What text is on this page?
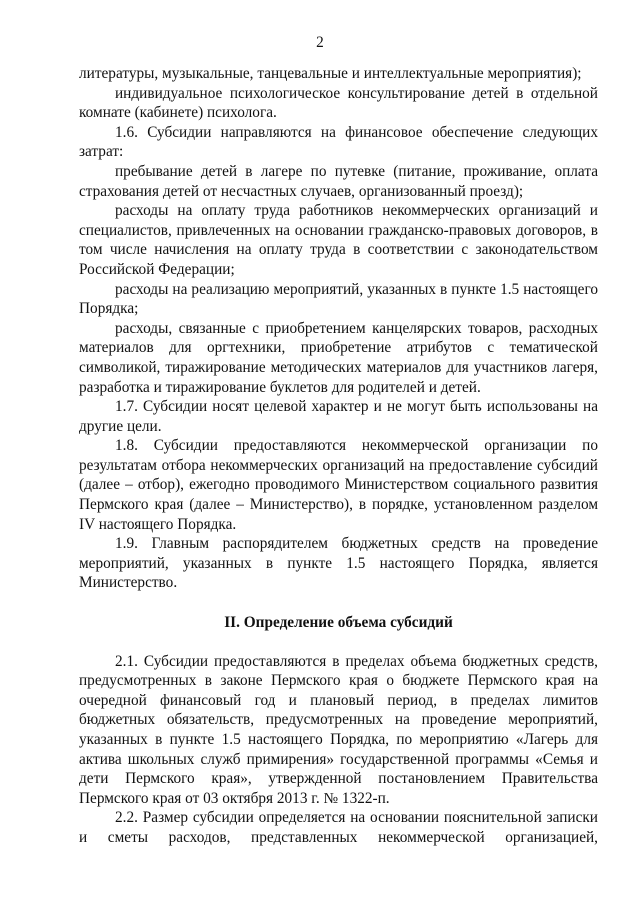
2

литературы, музыкальные, танцевальные и интеллектуальные мероприятия);

индивидуальное психологическое консультирование детей в отдельной комнате (кабинете) психолога.

1.6. Субсидии направляются на финансовое обеспечение следующих затрат:

пребывание детей в лагере по путевке (питание, проживание, оплата страхования детей от несчастных случаев, организованный проезд);

расходы на оплату труда работников некоммерческих организаций и специалистов, привлеченных на основании гражданско-правовых договоров, в том числе начисления на оплату труда в соответствии с законодательством Российской Федерации;

расходы на реализацию мероприятий, указанных в пункте 1.5 настоящего Порядка;

расходы, связанные с приобретением канцелярских товаров, расходных материалов для оргтехники, приобретение атрибутов с тематической символикой, тиражирование методических материалов для участников лагеря, разработка и тиражирование буклетов для родителей и детей.

1.7. Субсидии носят целевой характер и не могут быть использованы на другие цели.

1.8. Субсидии предоставляются некоммерческой организации по результатам отбора некоммерческих организаций на предоставление субсидий (далее – отбор), ежегодно проводимого Министерством социального развития Пермского края (далее – Министерство), в порядке, установленном разделом IV настоящего Порядка.

1.9. Главным распорядителем бюджетных средств на проведение мероприятий, указанных в пункте 1.5 настоящего Порядка, является Министерство.

II. Определение объема субсидий

2.1. Субсидии предоставляются в пределах объема бюджетных средств, предусмотренных в законе Пермского края о бюджете Пермского края на очередной финансовый год и плановый период, в пределах лимитов бюджетных обязательств, предусмотренных на проведение мероприятий, указанных в пункте 1.5 настоящего Порядка, по мероприятию «Лагерь для актива школьных служб примирения» государственной программы «Семья и дети Пермского края», утвержденной постановлением Правительства Пермского края от 03 октября 2013 г. № 1322-п.

2.2. Размер субсидии определяется на основании пояснительной записки и сметы расходов, представленных некоммерческой организацией,
